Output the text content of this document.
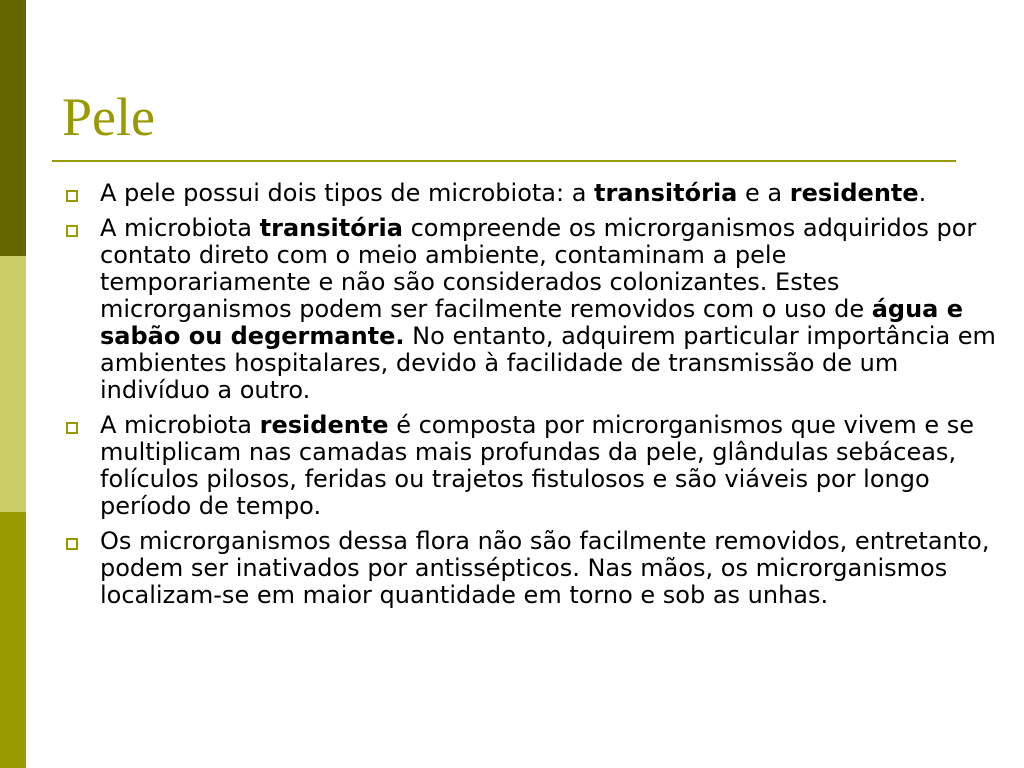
Pele
A pele possui dois tipos de microbiota: a transitória e a residente.
A microbiota transitória compreende os microrganismos adquiridos por contato direto com o meio ambiente, contaminam a pele temporariamente e não são considerados colonizantes. Estes microrganismos podem ser facilmente removidos com o uso de água e sabão ou degermante. No entanto, adquirem particular importância em ambientes hospitalares, devido à facilidade de transmissão de um indivíduo a outro.
A microbiota residente é composta por microrganismos que vivem e se multiplicam nas camadas mais profundas da pele, glândulas sebáceas, folículos pilosos, feridas ou trajetos fistulosos e são viáveis por longo período de tempo.
Os microrganismos dessa flora não são facilmente removidos, entretanto, podem ser inativados por antissépticos. Nas mãos, os microrganismos localizam-se em maior quantidade em torno e sob as unhas.
